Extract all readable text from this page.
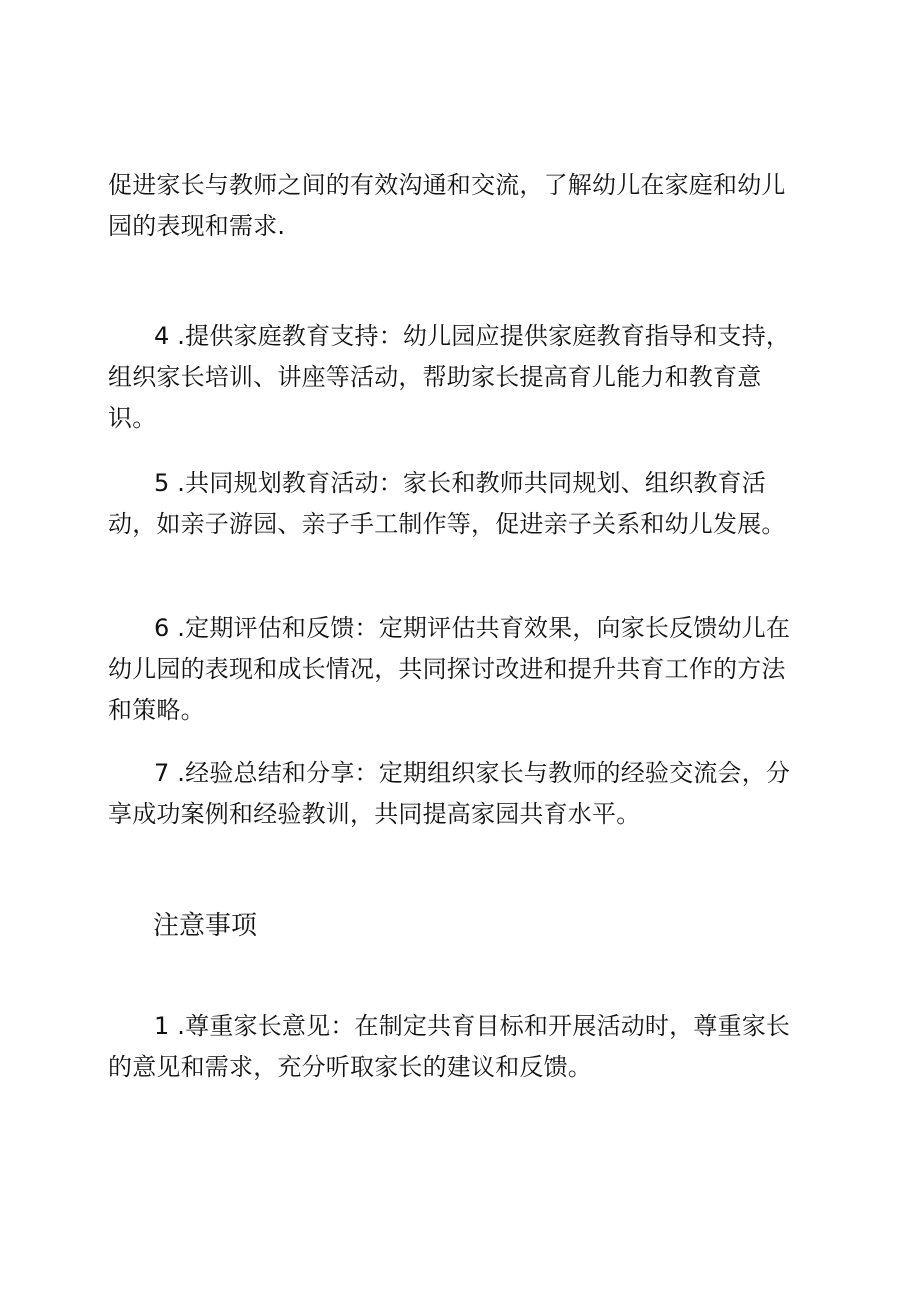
促进家长与教师之间的有效沟通和交流，了解幼儿在家庭和幼儿园的表现和需求.

4 .提供家庭教育支持：幼儿园应提供家庭教育指导和支持，组织家长培训、讲座等活动，帮助家长提高育儿能力和教育意识。

5 .共同规划教育活动：家长和教师共同规划、组织教育活动，如亲子游园、亲子手工制作等，促进亲子关系和幼儿发展。

6 .定期评估和反馈：定期评估共育效果，向家长反馈幼儿在幼儿园的表现和成长情况，共同探讨改进和提升共育工作的方法和策略。

7 .经验总结和分享：定期组织家长与教师的经验交流会，分享成功案例和经验教训，共同提高家园共育水平。

注意事项

1 .尊重家长意见：在制定共育目标和开展活动时，尊重家长的意见和需求，充分听取家长的建议和反馈。
